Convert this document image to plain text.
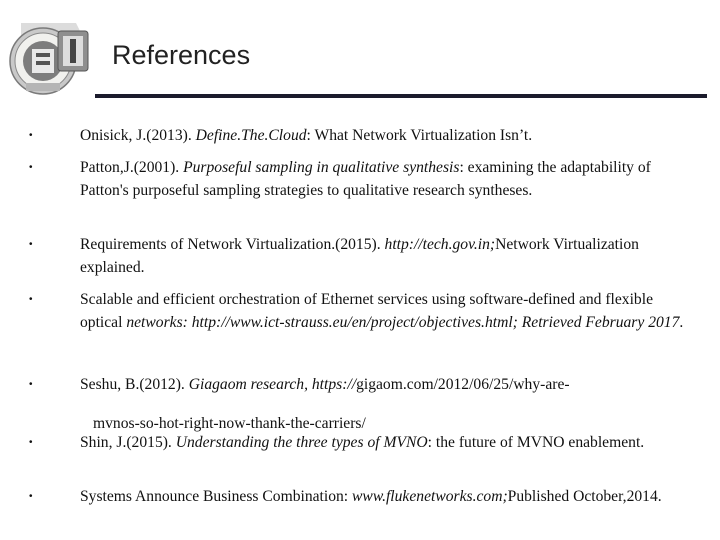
References
•	Onisick, J.(2013). Define.The.Cloud: What Network Virtualization Isn’t.
•	Patton,J.(2001). Purposeful sampling in qualitative synthesis: examining the adaptability of Patton's purposeful sampling strategies to qualitative research syntheses.
•	Requirements of Network Virtualization.(2015). http://tech.gov.in;Network Virtualization explained.
•	Scalable and efficient orchestration of Ethernet services using software-defined and flexible optical networks: http://www.ict-strauss.eu/en/project/objectives.html; Retrieved February 2017.
•	Seshu, B.(2012). Giagaom research, https://gigaom.com/2012/06/25/why-are-
mvnos-so-hot-right-now-thank-the-carriers/
•	Shin, J.(2015). Understanding the three types of MVNO: the future of MVNO enablement.
•	Systems Announce Business Combination: www.flukenetworks.com;Published October,2014.
